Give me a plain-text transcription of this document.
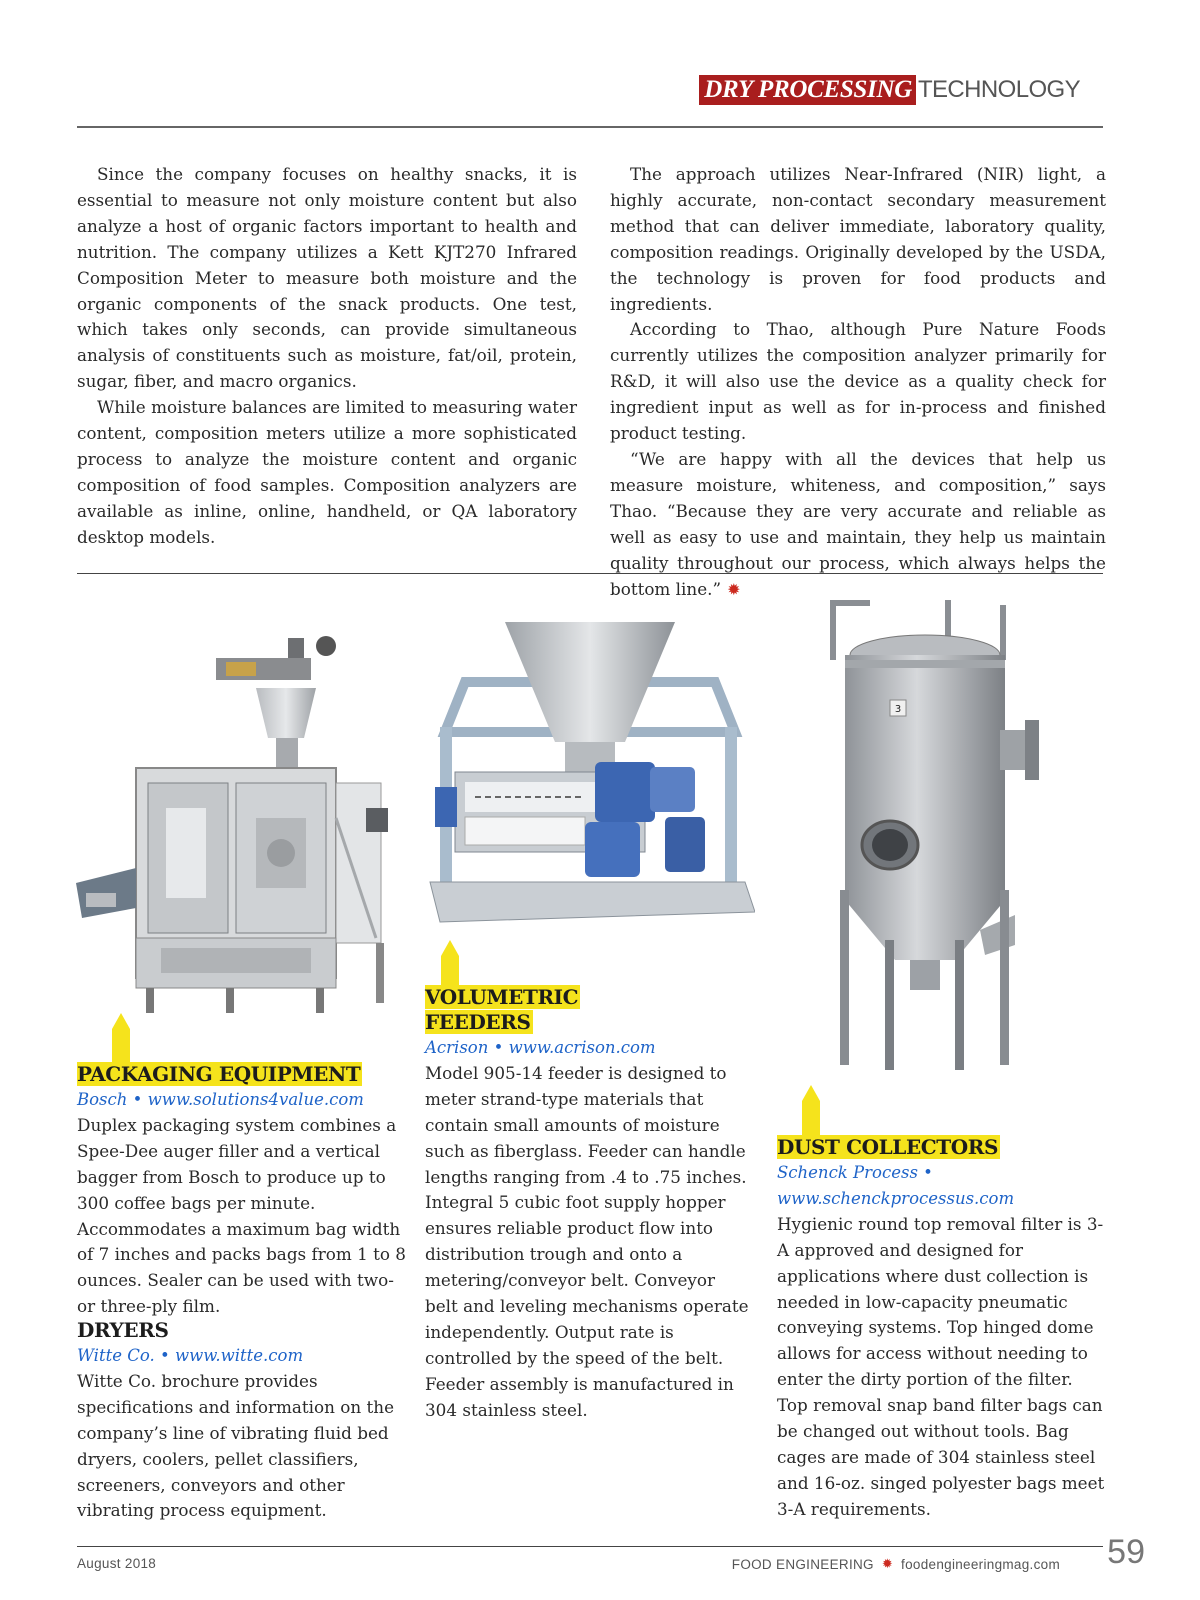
DRY PROCESSING TECHNOLOGY

Since the company focuses on healthy snacks, it is essential to measure not only moisture content but also analyze a host of organic factors important to health and nutrition. The company utilizes a Kett KJT270 Infrared Composition Meter to measure both moisture and the organic components of the snack products. One test, which takes only seconds, can provide simultaneous analysis of constituents such as moisture, fat/oil, protein, sugar, fiber, and macro organics.

While moisture balances are limited to measuring water content, composition meters utilize a more sophisticated process to analyze the moisture content and organic composition of food samples. Composition analyzers are available as inline, online, handheld, or QA laboratory desktop models.

The approach utilizes Near-Infrared (NIR) light, a highly accurate, non-contact secondary measurement method that can deliver immediate, laboratory quality, composition readings. Originally developed by the USDA, the technology is proven for food products and ingredients.

According to Thao, although Pure Nature Foods currently utilizes the composition analyzer primarily for R&D, it will also use the device as a quality check for ingredient input as well as for in-process and finished product testing.

“We are happy with all the devices that help us measure moisture, whiteness, and composition,” says Thao. “Because they are very accurate and reliable as well as easy to use and maintain, they help us maintain quality throughout our process, which always helps the bottom line.” ✹

3
PACKAGING EQUIPMENT
Bosch • www.solutions4value.com
Duplex packaging system combines a Spee-Dee auger filler and a vertical bagger from Bosch to produce up to 300 coffee bags per minute. Accommodates a maximum bag width of 7 inches and packs bags from 1 to 8 ounces. Sealer can be used with two- or three-ply film.
DRYERS
Witte Co. • www.witte.com
Witte Co. brochure provides specifications and information on the company’s line of vibrating fluid bed dryers, coolers, pellet classifiers, screeners, conveyors and other vibrating process equipment.
VOLUMETRIC
FEEDERS
Acrison • www.acrison.com
Model 905-14 feeder is designed to meter strand-type materials that contain small amounts of moisture such as fiberglass. Feeder can handle lengths ranging from .4 to .75 inches. Integral 5 cubic foot supply hopper ensures reliable product flow into distribution trough and onto a metering/conveyor belt. Conveyor belt and leveling mechanisms operate independently. Output rate is controlled by the speed of the belt. Feeder assembly is manufactured in 304 stainless steel.
DUST COLLECTORS
Schenck Process •
www.schenckprocessus.com
Hygienic round top removal filter is 3-A approved and designed for applications where dust collection is needed in low-capacity pneumatic conveying systems. Top hinged dome allows for access without needing to enter the dirty portion of the filter. Top removal snap band filter bags can be changed out without tools. Bag cages are made of 304 stainless steel and 16-oz. singed polyester bags meet 3-A requirements.
August 2018	FOOD ENGINEERING ✹ foodengineeringmag.com 59
